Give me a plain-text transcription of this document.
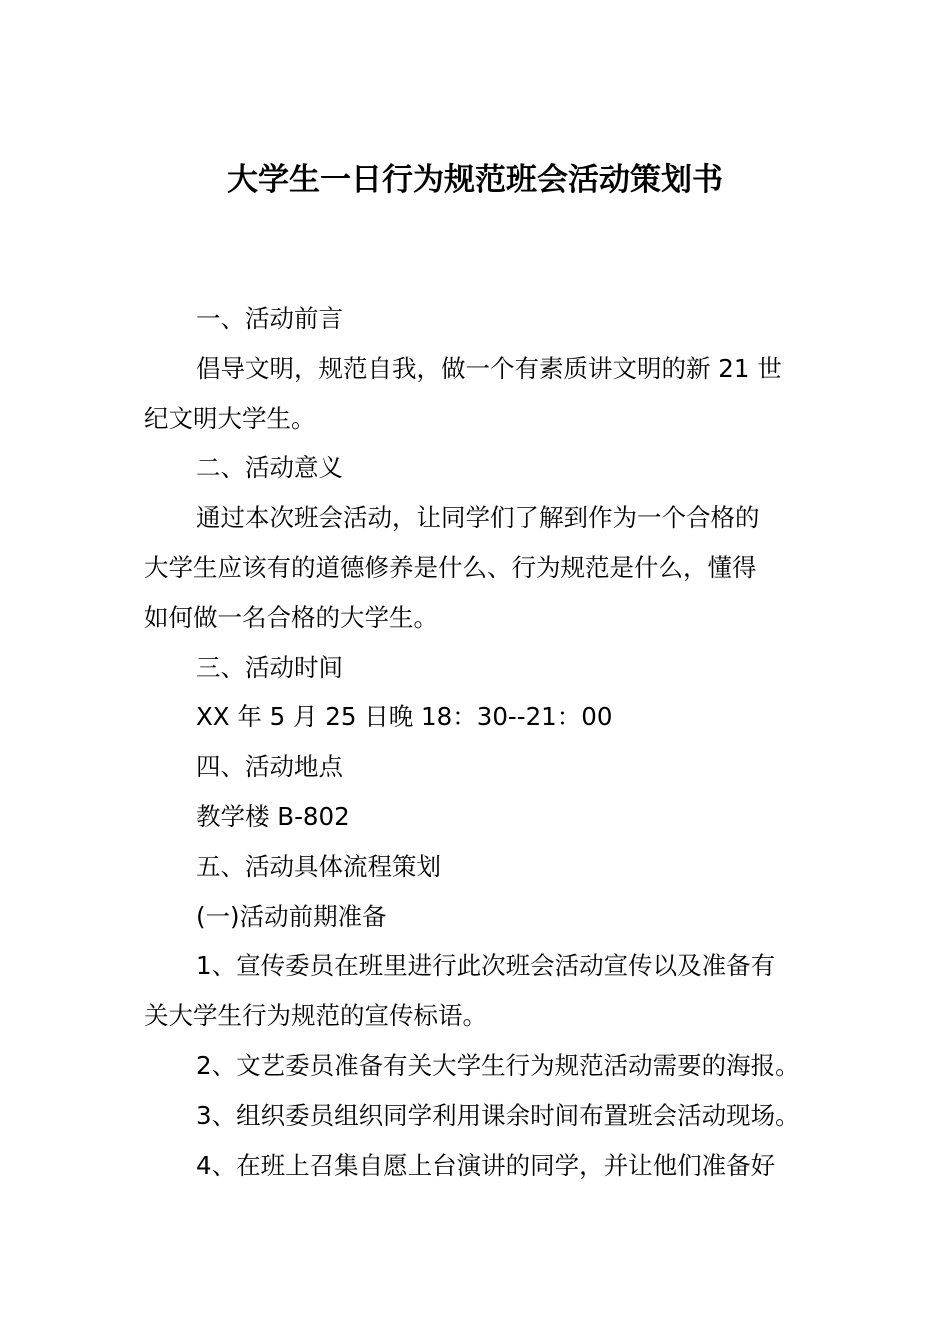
大学生一日行为规范班会活动策划书
一、活动前言
倡导文明，规范自我，做一个有素质讲文明的新 21 世
纪文明大学生。
二、活动意义
通过本次班会活动，让同学们了解到作为一个合格的
大学生应该有的道德修养是什么、行为规范是什么，懂得
如何做一名合格的大学生。
三、活动时间
XX 年 5 月 25 日晚 18：30--21：00
四、活动地点
教学楼 B-802
五、活动具体流程策划
(一)活动前期准备
1、宣传委员在班里进行此次班会活动宣传以及准备有
关大学生行为规范的宣传标语。
2、文艺委员准备有关大学生行为规范活动需要的海报。
3、组织委员组织同学利用课余时间布置班会活动现场。
4、在班上召集自愿上台演讲的同学，并让他们准备好
